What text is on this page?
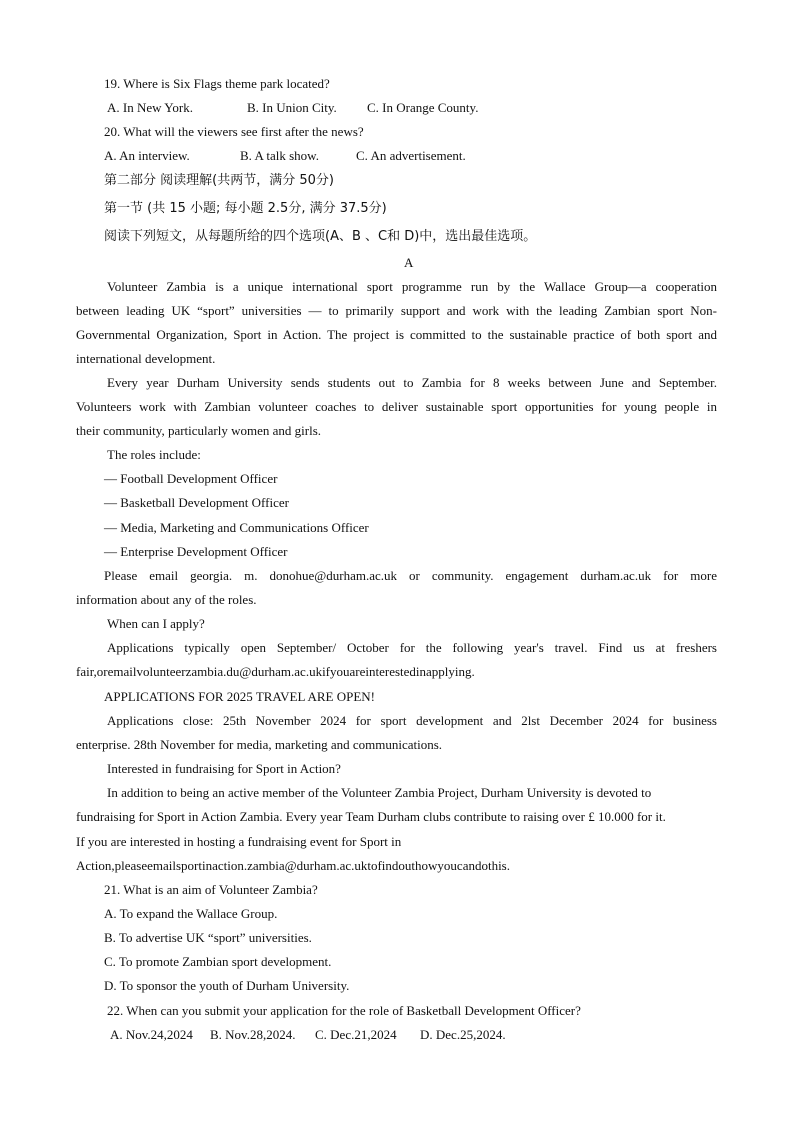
19. Where is Six Flags theme park located?
A. In New York.	B. In Union City. C. In Orange County.
20. What will the viewers see first after the news?
A. An interview.	B. A talk show.	C. An advertisement.
第二部分 阅读理解(共两节，满分 50分)
第一节 (共 15 小题; 每小题 2.5分, 满分 37.5分)
阅读下列短文，从每题所给的四个选项(A、B 、C和 D)中，选出最佳选项。
A
Volunteer Zambia is a unique international sport programme run by the Wallace Group—a cooperation
between leading UK “sport” universities — to primarily support and work with the leading Zambian sport Non-
Governmental Organization, Sport in Action. The project is committed to the sustainable practice of both sport and
international development.
Every year Durham University sends students out to Zambia for 8 weeks between June and September.
Volunteers work with Zambian volunteer coaches to deliver sustainable sport opportunities for young people in
their community, particularly women and girls.
The roles include:
— Football Development Officer
— Basketball Development Officer
— Media, Marketing and Communications Officer
— Enterprise Development Officer
Please email georgia. m. donohue@durham.ac.uk or community. engagement durham.ac.uk for more
information about any of the roles.
When can I apply?
Applications typically open September/ October for the following year's travel. Find us at freshers
fair,oremailvolunteerzambia.du@durham.ac.ukifyouareinterestedinapplying.
APPLICATIONS FOR 2025 TRAVEL ARE OPEN!
Applications close: 25th November 2024 for sport development and 2lst December 2024 for business
enterprise. 28th November for media, marketing and communications.
Interested in fundraising for Sport in Action?
In addition to being an active member of the Volunteer Zambia Project, Durham University is devoted to
fundraising for Sport in Action Zambia. Every year Team Durham clubs contribute to raising over £ 10.000 for it.
If you are interested in hosting a fundraising event for Sport in
Action,pleaseemailsportinaction.zambia@durham.ac.uktofindouthowyoucandothis.
21. What is an aim of Volunteer Zambia?
A. To expand the Wallace Group.
B. To advertise UK “sport” universities.
C. To promote Zambian sport development.
D. To sponsor the youth of Durham University.
22. When can you submit your application for the role of Basketball Development Officer?
A. Nov.24,2024 B. Nov.28,2024. C. Dec.21,2024 D. Dec.25,2024.
